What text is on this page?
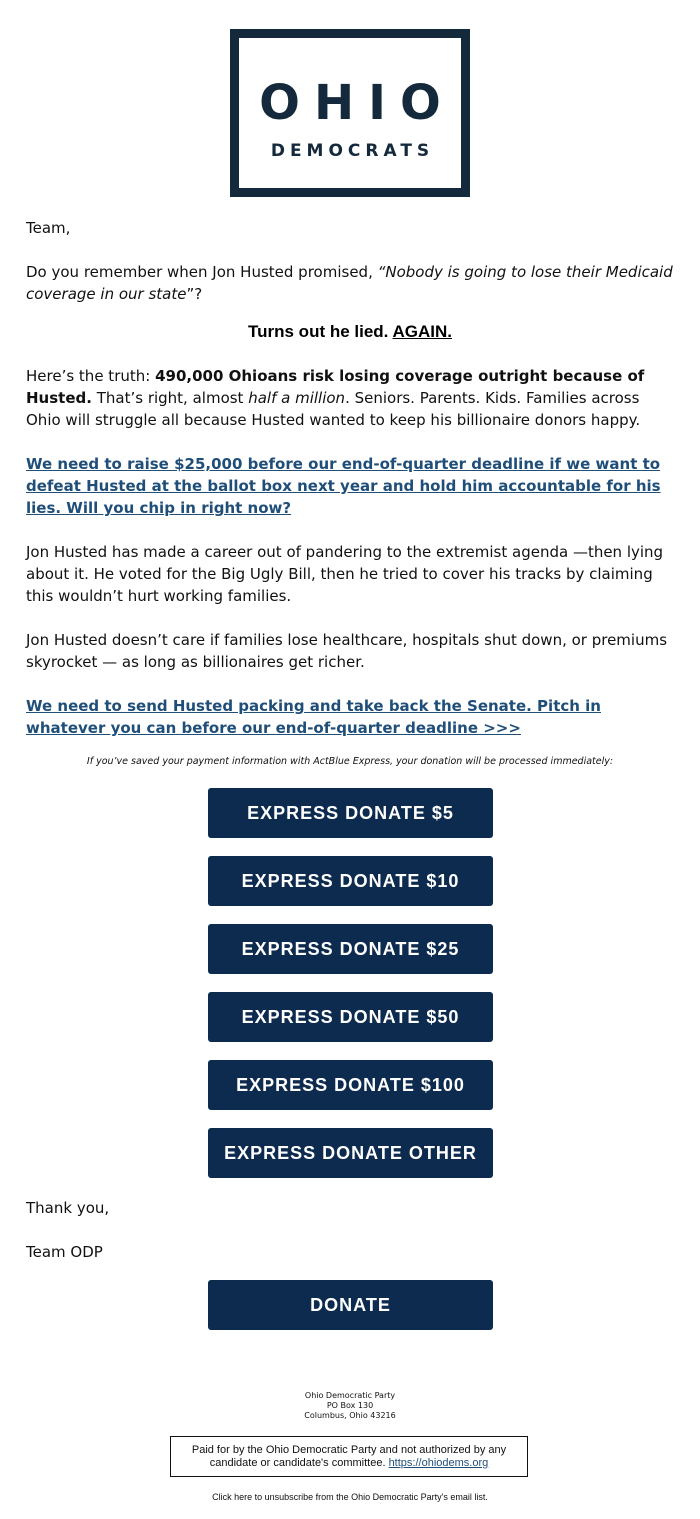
OHIO
DEMOCRATS
Team,
Do you remember when Jon Husted promised, “Nobody is going to lose their Medicaid coverage in our state”?
Turns out he lied. AGAIN.
Here’s the truth: 490,000 Ohioans risk losing coverage outright because of Husted. That’s right, almost half a million. Seniors. Parents. Kids. Families across Ohio will struggle all because Husted wanted to keep his billionaire donors happy.
We need to raise $25,000 before our end-of-quarter deadline if we want to defeat Husted at the ballot box next year and hold him accountable for his lies. Will you chip in right now?
Jon Husted has made a career out of pandering to the extremist agenda —then lying about it. He voted for the Big Ugly Bill, then he tried to cover his tracks by claiming this wouldn’t hurt working families.
Jon Husted doesn’t care if families lose healthcare, hospitals shut down, or premiums skyrocket — as long as billionaires get richer.
We need to send Husted packing and take back the Senate. Pitch in whatever you can before our end-of-quarter deadline >>>
If you’ve saved your payment information with ActBlue Express, your donation will be processed immediately:
EXPRESS DONATE $5
EXPRESS DONATE $10
EXPRESS DONATE $25
EXPRESS DONATE $50
EXPRESS DONATE $100
EXPRESS DONATE OTHER
Thank you,
Team ODP
DONATE
Ohio Democratic Party
PO Box 130
Columbus, Ohio 43216
Paid for by the Ohio Democratic Party and not authorized by any candidate or candidate's committee. https://ohiodems.org
Click here to unsubscribe from the Ohio Democratic Party's email list.
